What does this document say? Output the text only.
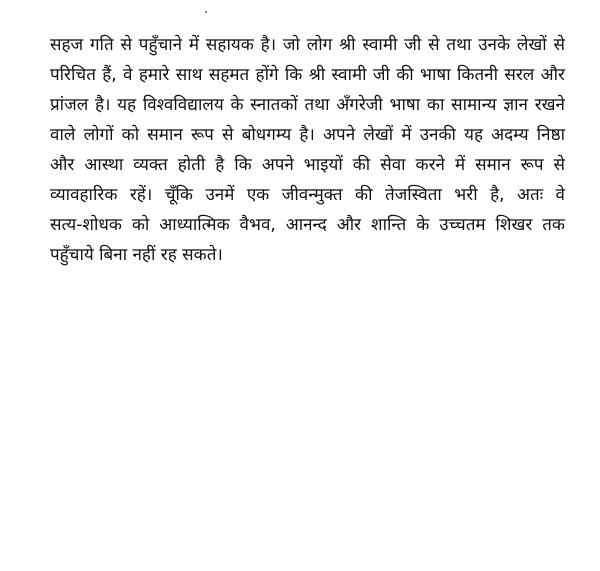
सहज गति से पहुँचाने में सहायक है। जो लोग श्री स्वामी जी से तथा उनके लेखों से
परिचित हैं, वे हमारे साथ सहमत होंगे कि श्री स्वामी जी की भाषा कितनी सरल और
प्रांजल है। यह विश्वविद्यालय के स्नातकों तथा अँगरेजी भाषा का सामान्य ज्ञान रखने
वाले लोगों को समान रूप से बोधगम्य है। अपने लेखों में उनकी यह अदम्य निष्ठा
और आस्था व्यक्त होती है कि अपने भाइयों की सेवा करने में समान रूप से
व्यावहारिक रहें। चूँकि उनमें एक जीवन्मुक्त की तेजस्विता भरी है, अतः वे
सत्य-शोधक को आध्यात्मिक वैभव, आनन्द और शान्ति के उच्चतम शिखर तक
पहुँचाये बिना नहीं रह सकते।
